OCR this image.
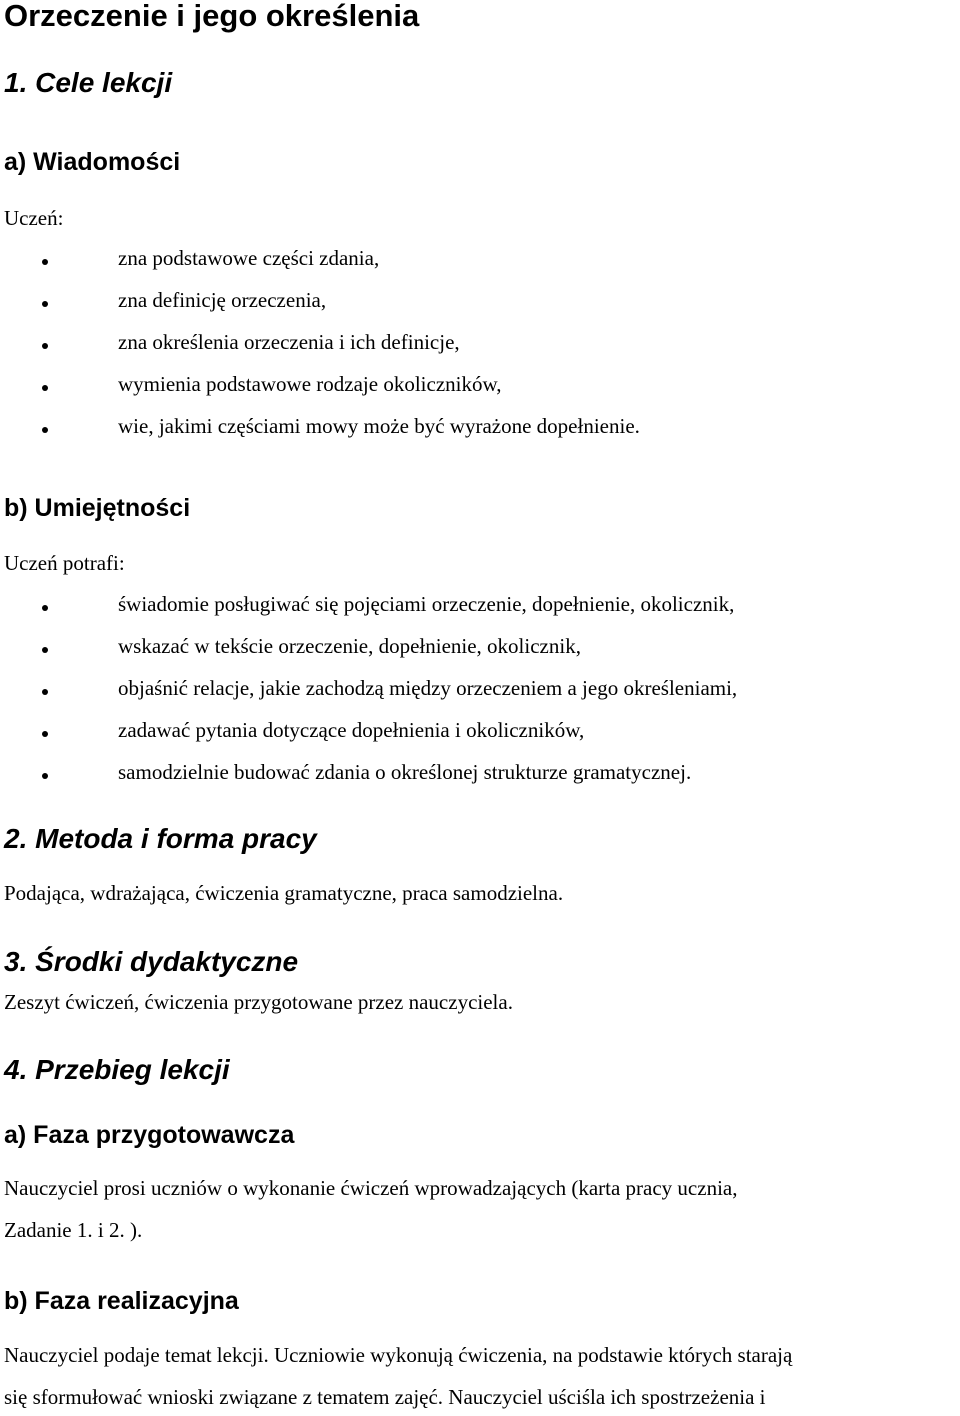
Orzeczenie i jego określenia
1. Cele lekcji
a) Wiadomości
Uczeń:
zna podstawowe części zdania,
zna definicję orzeczenia,
zna określenia orzeczenia i ich definicje,
wymienia podstawowe rodzaje okoliczników,
wie, jakimi częściami mowy może być wyrażone dopełnienie.
b) Umiejętności
Uczeń potrafi:
świadomie posługiwać się pojęciami orzeczenie, dopełnienie, okolicznik,
wskazać w tekście orzeczenie, dopełnienie, okolicznik,
objaśnić relacje, jakie zachodzą między orzeczeniem a jego określeniami,
zadawać pytania dotyczące dopełnienia i okoliczników,
samodzielnie budować zdania o określonej strukturze gramatycznej.
2. Metoda i forma pracy
Podająca, wdrażająca, ćwiczenia gramatyczne, praca samodzielna.
3. Środki dydaktyczne
Zeszyt ćwiczeń, ćwiczenia przygotowane przez nauczyciela.
4. Przebieg lekcji
a) Faza przygotowawcza
Nauczyciel prosi uczniów o wykonanie ćwiczeń wprowadzających (karta pracy ucznia,
Zadanie 1. i 2. ).
b) Faza realizacyjna
Nauczyciel podaje temat lekcji. Uczniowie wykonują ćwiczenia, na podstawie których starają
się sformułować wnioski związane z tematem zajęć. Nauczyciel uściśla ich spostrzeżenia i
